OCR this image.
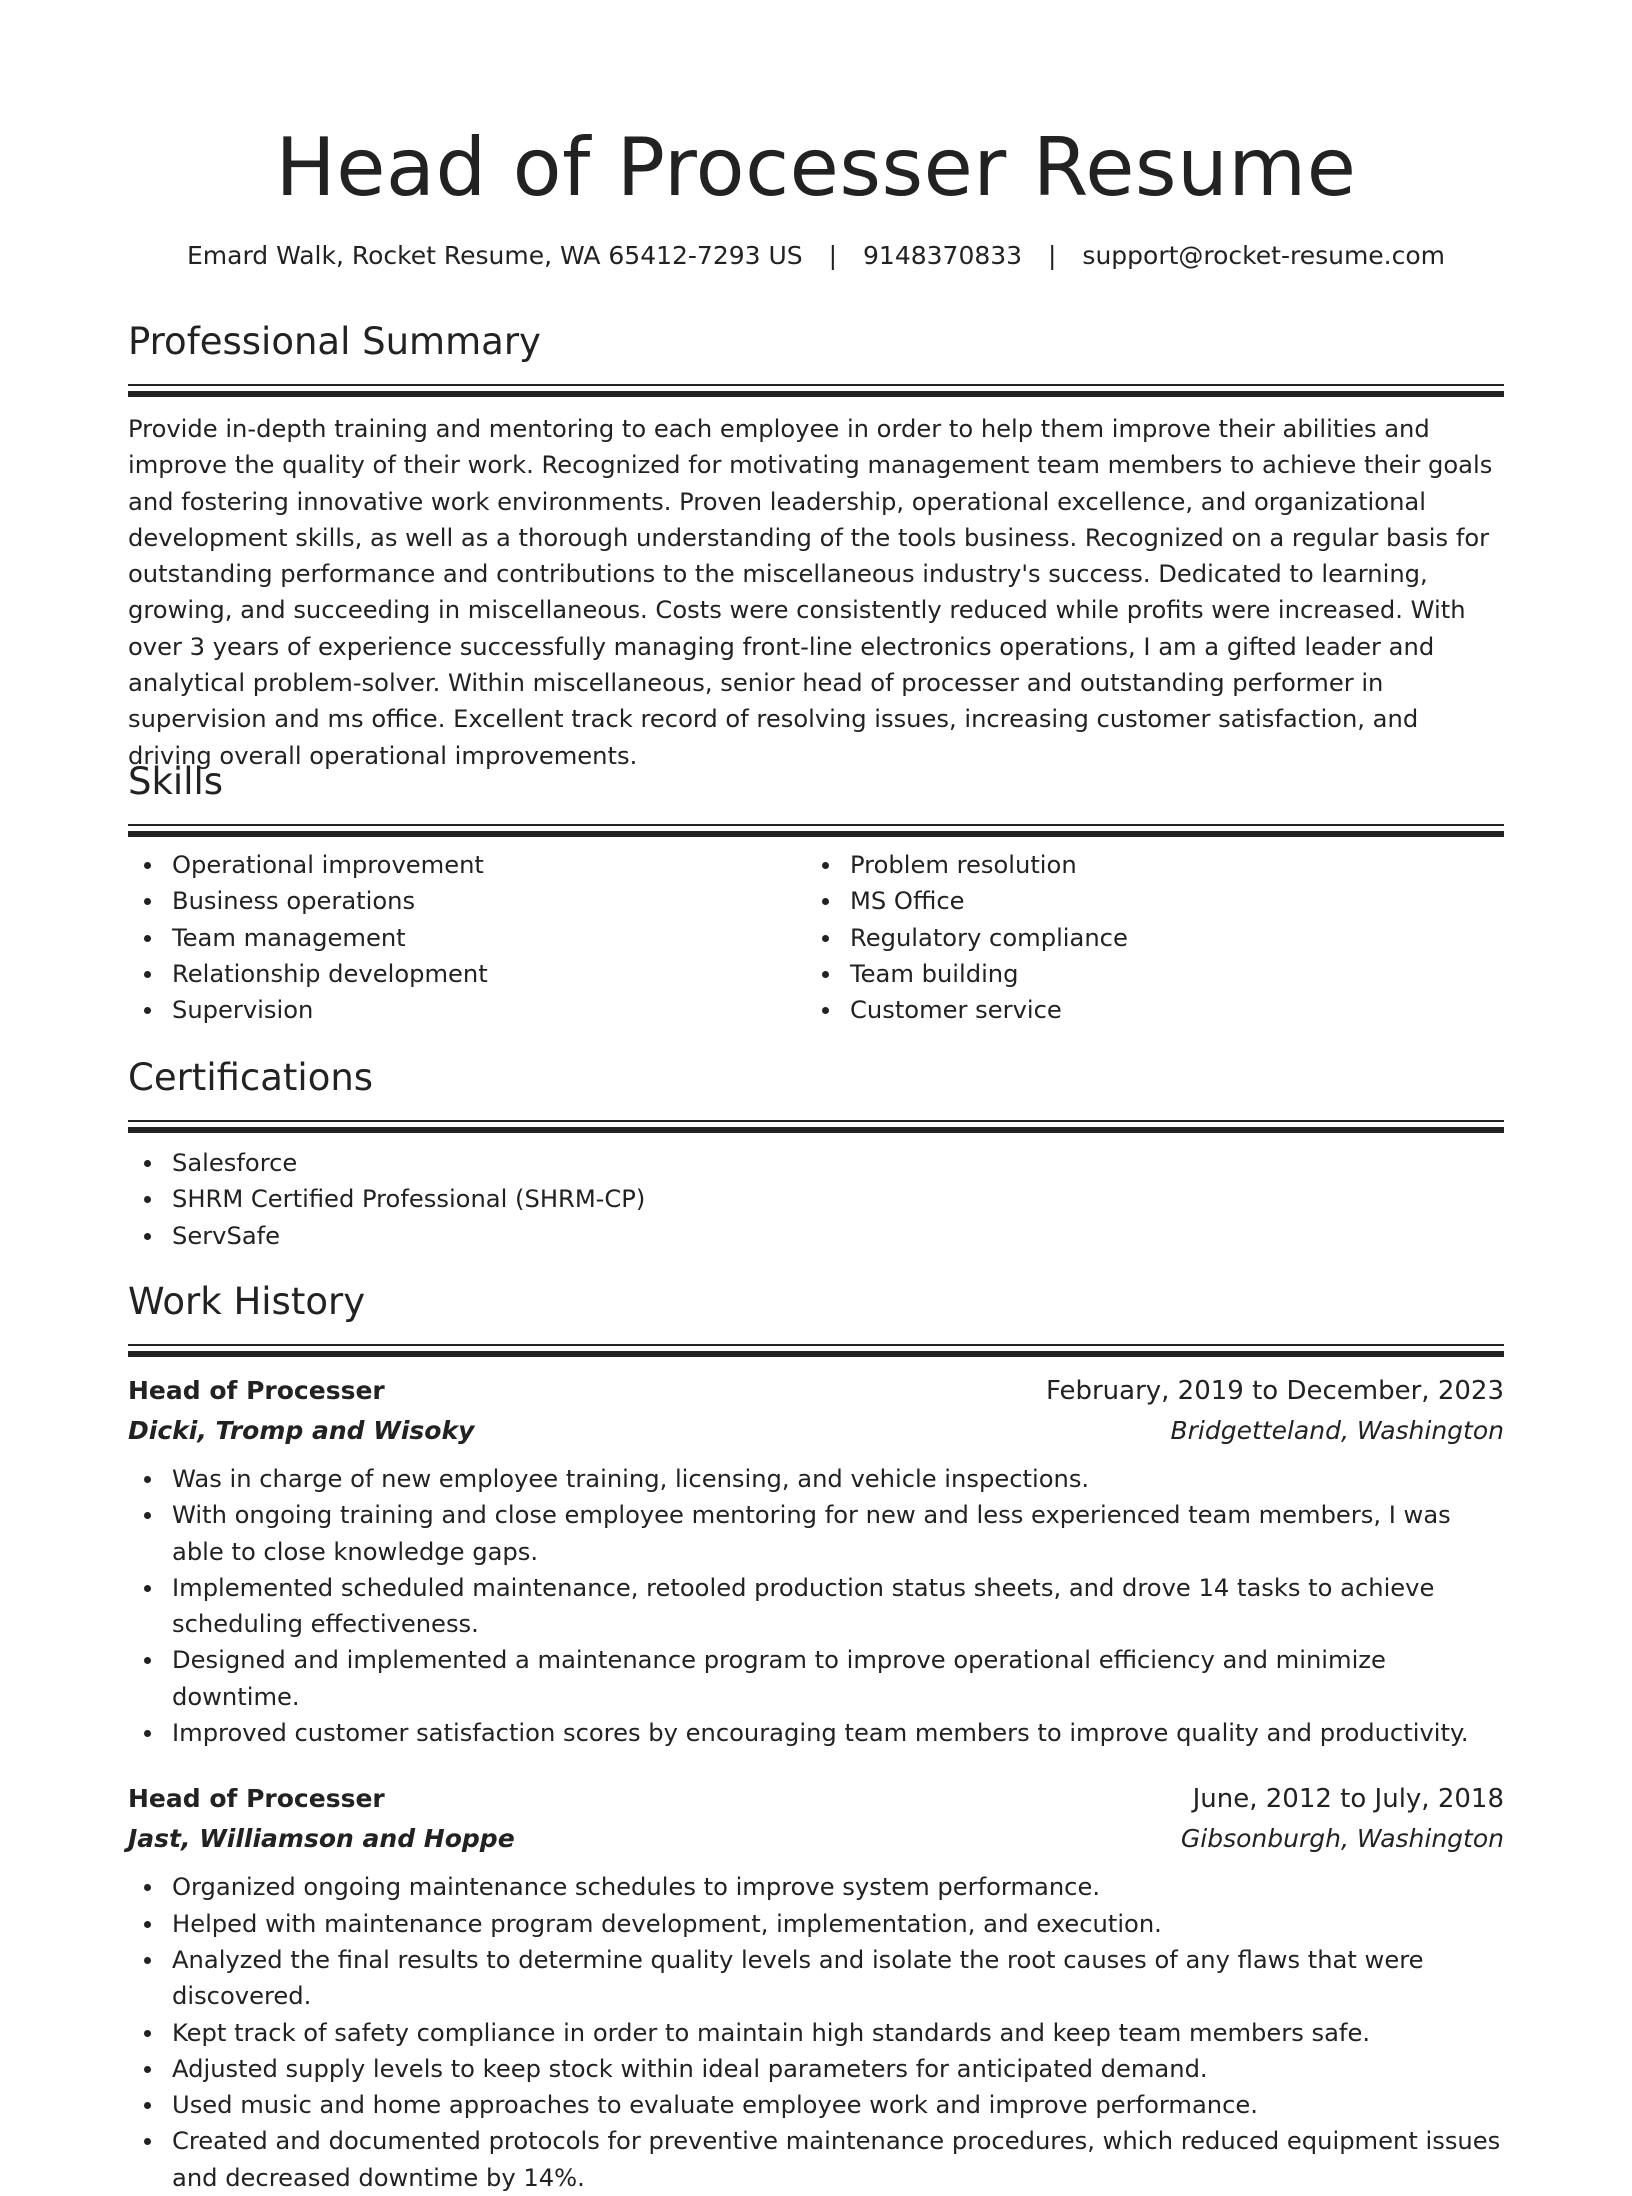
Head of Processer Resume
Emard Walk, Rocket Resume, WA 65412-7293 US | 9148370833 | support@rocket-resume.com
Professional Summary

Provide in-depth training and mentoring to each employee in order to help them improve their abilities and improve the quality of their work. Recognized for motivating management team members to achieve their goals and fostering innovative work environments. Proven leadership, operational excellence, and organizational development skills, as well as a thorough understanding of the tools business. Recognized on a regular basis for outstanding performance and contributions to the miscellaneous industry's success. Dedicated to learning, growing, and succeeding in miscellaneous. Costs were consistently reduced while profits were increased. With over 3 years of experience successfully managing front-line electronics operations, I am a gifted leader and analytical problem-solver. Within miscellaneous, senior head of processer and outstanding performer in supervision and ms office. Excellent track record of resolving issues, increasing customer satisfaction, and driving overall operational improvements.

Skills
Operational improvement
Business operations
Team management
Relationship development
Supervision
Problem resolution
MS Office
Regulatory compliance
Team building
Customer service
Certifications
Salesforce
SHRM Certified Professional (SHRM-CP)
ServSafe
Work History
Head of Processer	February, 2019 to December, 2023
Dicki, Tromp and Wisoky	Bridgetteland, Washington
Was in charge of new employee training, licensing, and vehicle inspections.
With ongoing training and close employee mentoring for new and less experienced team members, I was able to close knowledge gaps.
Implemented scheduled maintenance, retooled production status sheets, and drove 14 tasks to achieve scheduling effectiveness.
Designed and implemented a maintenance program to improve operational efficiency and minimize downtime.
Improved customer satisfaction scores by encouraging team members to improve quality and productivity.
Head of Processer	June, 2012 to July, 2018
Jast, Williamson and Hoppe	Gibsonburgh, Washington
Organized ongoing maintenance schedules to improve system performance.
Helped with maintenance program development, implementation, and execution.
Analyzed the final results to determine quality levels and isolate the root causes of any flaws that were discovered.
Kept track of safety compliance in order to maintain high standards and keep team members safe.
Adjusted supply levels to keep stock within ideal parameters for anticipated demand.
Used music and home approaches to evaluate employee work and improve performance.
Created and documented protocols for preventive maintenance procedures, which reduced equipment issues and decreased downtime by 14%.
